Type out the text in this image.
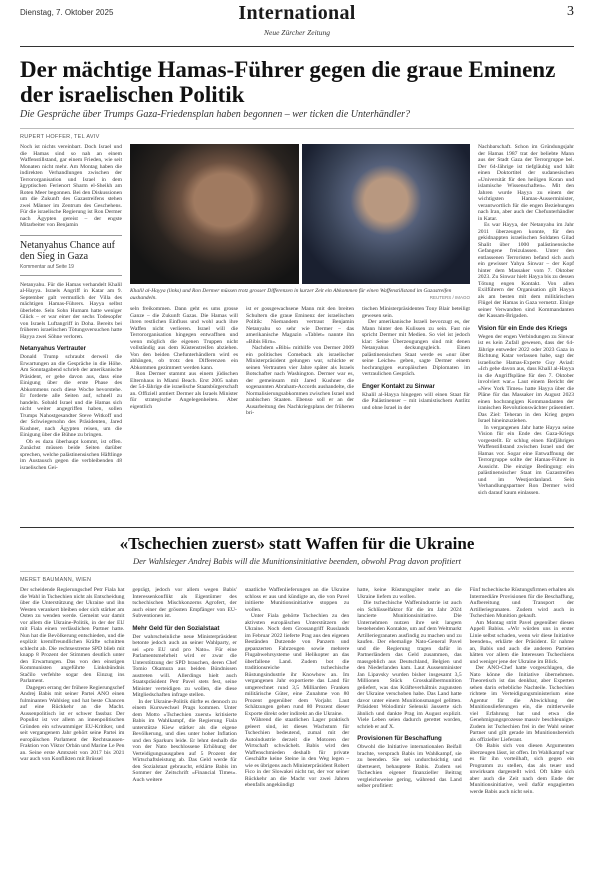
Dienstag, 7. Oktober 2025	International
Neue Zürcher Zeitung
3
Der mächtige Hamas-Führer gegen die graue Eminenz der israelischen Politik

Die Gespräche über Trumps Gaza-Friedensplan haben begonnen – wer ticken die Unterhändler?

RUPERT HOFFER, TEL AVIV

Noch ist nichts vereinbart. Doch Israel und die Hamas sind so nah an einem Waffenstillstand, gar einem Frieden, wie seit Monaten nicht mehr. Am Montag haben die indirekten Verhandlungen zwischen der Terrororganisation und Israel in dem ägyptischen Ferienort Sharm el-Sheikh am Roten Meer begonnen. Bei den Diskussionen um die Zukunft des Gazastreifens stehen zwei Männer im Zentrum des Geschehens. Für die israelische Regierung ist Ron Dermer nach Ägypten gereist – der engste Mitarbeiter von Benjamin

Netanyahus Chance auf den Sieg in Gaza

Kommentar auf Seite 19

Netanyahu. Für die Hamas verhandelt Khalil al-Hayya. Israels Angriff in Katar am 9. September galt vermutlich der Villa des mächtigen Hamas-Führers. Hayya selbst überlebte. Sein Sohn Humam hatte weniger Glück – er war einer der sechs Todesopfer von Israels Luftangriff in Doha. Bereits bei früheren israelischen Tötungsversuchen hatte Hayya zwei Söhne verloren.

Netanyahus Vertrauter

Donald Trump schraubt derweil die Erwartungen an die Gespräche in die Höhe. Am Sonntagabend schrieb der amerikanische Präsident, er gehe davon aus, dass eine Einigung über die erste Phase des Abkommens noch diese Woche bevorstehe. Er forderte alle Seiten auf, schnell zu handeln. Sobald Israel und die Hamas sich nicht weiter angegriffen haben, sollen Trumps Nahostgesandter Steve Witkoff und der Schwiegersohn des Präsidenten, Jared Kushner, nach Ägypten reisen, um die Einigung über die Bühne zu bringen.

Ob es dazu überhaupt kommt, ist offen. Zunächst müssen beide Seiten darüber sprechen, welche palästinensischen Häftlinge im Austausch gegen die verbleibenden 48 israelischen Gei-

Khalil al-Hayya (links) und Ron Dermer müssen trotz grosser Differenzen in kurzer Zeit ein Abkommen für einen Waffenstillstand im Gazastreifen aushandeln.	REUTERS / IMAGO

seln freikommen. Dann geht es ums grosse Ganze – die Zukunft Gazas. Die Hamas will ihren restlichen Einfluss und wohl auch ihre Waffen nicht verlieren. Israel will die Terrororganisation hingegen entwaffnen und wenn möglich die eigenen Truppen nicht vollständig aus dem Küstenstreifen abziehen. Von den beiden Chefunterhändlern wird es abhängen, ob trotz den Differenzen ein Abkommen gezimmert werden kann.

Ron Dermer stammt aus einem jüdischen Elternhaus in Miami Beach. Erst 2005 nahm der 54-Jährige die israelische Staatsbürgerschaft an. Offiziell amtiert Dermer als Israels Minister für strategische Angelegenheiten. Aber eigentlich

ist er gossgewachsene Mann mit den breiten Schultern die graue Eminenz der israelischen Politik: Niemandem vertraut Benjamin Netanyahu so sehr wie Dermer – das amerikanische Magazin «Tablet» nannte ihn «Bibis Hirn».

Nachdem «Bibi» mithilfe von Dermer 2009 ein politisches Comeback als israelischer Ministerpräsident gelungen war, schickte er seinen Vertrauten vier Jahre später als Israels Botschafter nach Washington. Dermer war es, der gemeinsam mit Jared Kushner die sogenannten Abraham-Accords aushandelte, die Normalisierungsabkommen zwischen Israel und arabischen Staaten. Ebenso soll er an der Ausarbeitung des Nachkriegsplans der früheren bri-

tischen Ministerpräsidenten Tony Blair beteiligt gewesen sein.

Der amerikanische Israeli bevorzugt es, der Mann hinter den Kulissen zu sein. Fast nie spricht Dermer mit Medien. So viel ist jedoch klar: Seine Überzeugungen sind mit denen Netanyahus deckungsgleich. Einen palästinensischen Staat werde es «nur über seine Leiche» geben, sagte Dermer einem hochrangigen europäischen Diplomaten im vertraulichen Gespräch.

Enger Kontakt zu Sinwar

Khalil al-Hayya hingegen will einen Staat für die Palästinenser – mit islamistischem Antlitz und ohne Israel in der

Nachbarschaft. Schon im Gründungsjahr der Hamas 1987 trat der beliebte Mann aus der Stadt Gaza der Terrorgruppe bei. Der 64-Jährige ist tiefgläubig und hält einen Doktortitel der sudanesischen «Universität für den heiligen Koran und islamische Wissenschaften». Mit den Jahren wurde Hayya zu einem der wichtigsten Hamas-Ausserminister, verantwortlich für die engen Beziehungen nach Iran, aber auch der Chefunterhändler in Katar.

Es war Hayya, der Netanyahu im Jahr 2011 überzeugen konnte, für den gekidnappten israelischen Soldaten Gilad Shalit über 1000 palästinensische Gefangene freizulassen. Unter den entlassenen Terroristen befand sich auch ein gewisser Yahya Sinwar – der Kopf hinter dem Massaker vom 7. Oktober 2023. Zu Sinwar hielt Hayya bis zu dessen Tötung engen Kontakt. Von allen Exilführern der Organisation gilt Hayya als am besten mit dem militärischen Flügel der Hamas in Gaza vernetzt. Einige seiner Verwandten sind Kommandanten der Kassam-Brigaden.

Vision für ein Ende des Kriegs

Wegen der engen Verbindungen zu Sinwar ist es kein Zufall gewesen, dass der 64-Jährige entweder 2022 oder 2023 Gaza in Richtung Katar verlassen habe, sagt der israelische Hamas-Experte Guy Aviad: «Ich gehe davon aus, dass Khalil al-Hayya in die Angriffspläne für den 7. Oktober involviert war.» Laut einem Bericht der «New York Times» hatte Hayya über die Pläne für das Massaker im August 2023 einen hochrangigen Kommandanten der iranischen Revolutionswächter präsentiert. Das Ziel: Teheran in den Krieg gegen Israel hineinzuziehen.

In vergangenen Jahr hatte Hayya seine Vision für ein Ende des Gaza-Kriegs vorgestellt. Er schlug einen fünfjährigen Waffenstillstand zwischen Israel und der Hamas vor. Sogar eine Entwaffnung der Terrorgruppe sollte der Hamas-Führer in Aussicht. Die einzige Bedingung: ein palästinensischer Staat im Gazastreifen und im Westjordanland. Sein Verhandlungspartner Ron Dermer wird sich darauf kaum einlassen.

«Tschechien zuerst» statt Waffen für die Ukraine

Der Wahlsieger Andrej Babis will die Munitionsinitiative beenden, obwohl Prag davon profitiert

MERET BAUMANN, WIEN

Der scheidende Regierungschef Petr Fiala hat die Wahl in Tschechien nicht als Entscheidung über die Unterstützung der Ukraine und ihn Westen verankert bleiben oder sich stärker am Osten zu wenden werde. Gemeint war damit vor allem die Ukraine-Politik, in der der EU mit Fiala einen verlässlichen Partner hatte. Nun hat die Bevölkerung entschieden, und die explizit kremlfreundlichen Kräfte schnitten schlecht ab. Die rechtsextreme SPD blieb mit knapp 8 Prozent der Stimmen deutlich unter den Erwartungen. Das von den einstigen Kommunisten angeführte Linksbündnis Stačilo verfehlte sogar den Einzug ins Parlament.

Dagegen errang der frühere Regierungschef Andrej Babis mit seiner Partei ANO einen fulminanten Wahlsieg und hat beste Chancen auf eine Rückkehr an die Macht. Aussenpolitisch ist er schwer fassbar. Der Populist ist vor allem an innenpolitischen Gründen ein schwammiger EU-Kritiker, und seit vergangenem Jahr gehört seine Partei im europäischen Parlament der Rechtsaussen-Fraktion von Viktor Orbán und Marine Le Pen an. Seine erste Amtszeit von 2017 bis 2021 war auch von Konflikten mit Brüssel

geprägt, jedoch vor allem wegen Babis' Interessenkonflikt als Eigentümer des tschechischen Mischkonzerns Agrofert, der auch einer der grössten Empfänger von EU-Subventionen ist.

Mehr Geld für den Sozialstaat

Der wahrscheinliche neue Ministerpräsident betonte jedoch auch an seiner Wahlparty, er sei «pro EU und pro Nato». Für eine Parlamentsmehrheit wird er zwar die Unterstützung der SPD brauchen, deren Chef Tomio Okamura aus beiden Bündnissen austreten will. Allerdings hielt auch Staatspräsident Petr Pavel stets fest, seine Minister verteidigen zu wollen, die diese Mitgliedschaften infrage stellen.

In der Ukraine-Politik dürfte es dennoch zu einem Kurswechsel Prags kommen. Unter dem Motto «Tschechien zuerst» kritisierte Babis im Wahlkampf, die Regierung Fiala unterstütze Kiew stärker als die eigene Bevölkerung, und dies unter hoher Inflation und den Sparkurs leide. Er lehnt deshalb die von der Nato beschlossene Erhöhung der Verteidigungsausgaben auf 5 Prozent der Wirtschaftsleistung ab. Das Geld werde für den Sozialstaat gebraucht, erklärte Babis im Sommer der Zeitschrift «Financial Times». Auch weitere

staatliche Waffenlieferungen an die Ukraine schloss er aus und kündigte an, die von Pavel initiierte Munitionsinitiative stoppen zu wollen.

Unter Fiala gehörte Tschechien zu den aktivsten europäischen Unterstützern der Ukraine. Noch dem Grossangriff Russlands im Februar 2022 lieferte Prag aus den eigenen Beständen Dutzende von Panzern und gepanzerten Fahrzeugen sowie mehrere Flugabwehrsysteme und Helikopter an das überfallene Land. Zudem bot die traditionsreiche tschechische Rüstungsindustrie ihr Knowhow an. Im vergangenen Jahr exportierte das Land für umgerechnet rund 3,5 Milliarden Franken militärische Güter, eine Zunahme von 80 Prozent gegenüber dem Vorjahr. Laut Schätzungen gehen rund 80 Prozent dieser Exporte direkt oder indirekt an die Ukraine.

Während die staatlichen Lager praktisch geleert sind, ist dieses Wachstum für Tschechien bedeutend, zumal mit der Autoindustrie derzeit die Motoren der Wirtschaft schwächelt. Babis wird den Waffenschmieden deshalb für private Geschäfte keine Steine in den Weg legen – wie es übrigens auch Ministerpräsident Robert Fico in der Slowakei nicht tut, der vor seiner Rückkehr an die Macht vor zwei Jahren ebenfalls angekündigt

hatte, keine Rüstungsgüter mehr an die Ukraine liefern zu wollen.

Die tschechische Waffenindustrie ist auch ein Schlüsselfaktor für die im Jahr 2024 lancierte Munitionsinitiative. Die Unternehmen nutzen ihre seit langem bestehenden Kontakte, um auf dem Weltmarkt Artilleriegranaten ausfindig zu machen und zu kaufen. Der ehemalige Nato-General Pavel und die Regierung tragen dafür in Partnerländern das Geld zusammen, das massgeblich aus Deutschland, Belgien und den Niederlanden kam. Laut Aussenminister Jan Lipavsky wurden bisher insgesamt 3,5 Millionen Stück Grosskalibermunition geliefert, was das Kräfteverhältnis zugunsten der Ukraine verschoben habe. Das Land hatte davor unter einem Munitionsmangel gelitten. Präsident Wolodimir Selenski äusserte sich ähnlich und dankte Prag im August explizit. Viele Leben seien dadurch gerettet worden, schrieb er auf X.

Provisionen für Beschaffung

Obwohl die Initiative internationalen Beifall brachte, versprach Babis im Wahlkampf, sie zu beenden. Sie sei undurchsichtig und überteuert, behauptete Babis. Zudem sei Tschechien eigener finanzieller Beitrag vergleichsweise gering, während das Land selber profitiert:

Fünf tschechische Rüstungsfirmen erhalten als Intermediäre Provisionen für die Beschaffung, Aufbereitung und Transport der Artilleriegranaten. Zudem wird auch in Tschechien Munition gekauft.

Am Montag stritt Pavel gegenüber diesen Appell Babiss. «Wir würden uns in erster Linie selbst schaden, wenn wir diese Initiative beenden», erklärte der Präsident. Er nahme an, Babis und auch die anderen Parteien hätten vor allem die Interessen Tschechiens und weniger jene der Ukraine im Blick.

Der ANO-Chef hatte vorgeschlagen, die Nato könne die Initiative übernehmen. Theoretisch ist das denkbar, aber Experten sehen darin erhebliche Nachteile. Tschechien richtete im Verteidigungsministerium eine Agentur für die Abwicklung der Munitionslieferungen ein, die mittlerweile viel Erfahrung hat und etwa die Genehmigungsprozesse massiv beschleunigte. Zudem ist Tschechien frei in der Wahl seiner Partner und gilt gerade im Munitionsbereich als offizieller Lieferant.

Ob Babis sich von diesen Argumenten überzeugen lässt, ist offen. Im Wahlkampf war es für ihn vorteilhaft, sich gegen ein Programm zu stellen, das als teuer und unwirksam dargestellt wird. Oft hätte sich aber auch die Zeit nach dem Ende der Munitionsinitiative, weil dafür engagierten werde Babis auch nicht sein.
